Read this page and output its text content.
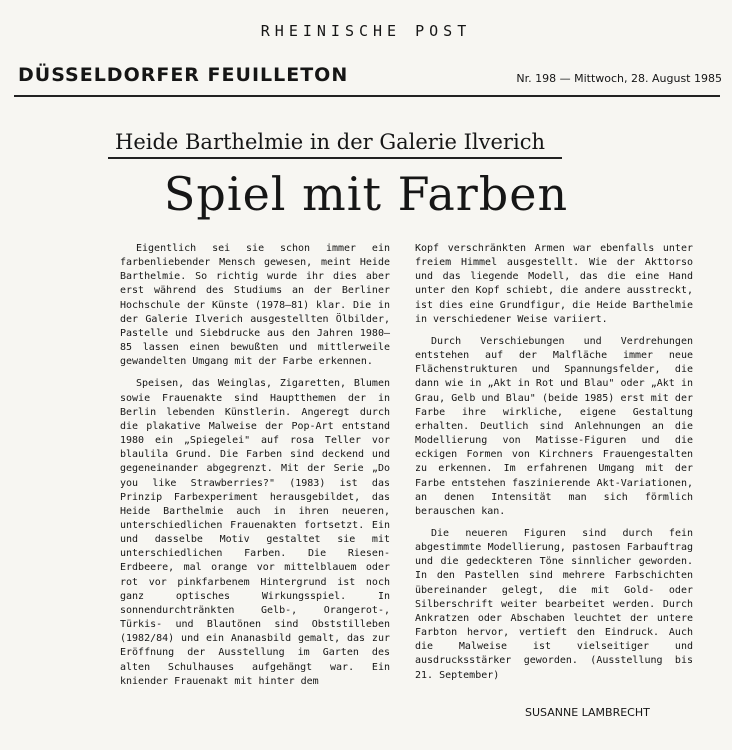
RHEINISCHE POST
DÜSSELDORFER FEUILLETON	Nr. 198 — Mittwoch, 28. August 1985
Heide Barthelmie in der Galerie Ilverich
Spiel mit Farben

Eigentlich sei sie schon immer ein farbenliebender Mensch gewesen, meint Heide Barthelmie. So richtig wurde ihr dies aber erst während des Studiums an der Berliner Hochschule der Künste (1978—81) klar. Die in der Galerie Ilverich ausgestellten Ölbilder, Pastelle und Siebdrucke aus den Jahren 1980—85 lassen einen bewußten und mittlerweile gewandelten Umgang mit der Farbe erkennen.

Speisen, das Weinglas, Zigaretten, Blumen sowie Frauenakte sind Hauptthemen der in Berlin lebenden Künstlerin. Angeregt durch die plakative Malweise der Pop-Art entstand 1980 ein „Spiegelei" auf rosa Teller vor blaulila Grund. Die Farben sind deckend und gegeneinander abgegrenzt. Mit der Serie „Do you like Strawberries?" (1983) ist das Prinzip Farbexperiment herausgebildet, das Heide Barthelmie auch in ihren neueren, unterschiedlichen Frauenakten fortsetzt. Ein und dasselbe Motiv gestaltet sie mit unterschiedlichen Farben. Die Riesen-Erdbeere, mal orange vor mittelblauem oder rot vor pinkfarbenem Hintergrund ist noch ganz optisches Wirkungsspiel. In sonnendurchtränkten Gelb-, Orangerot-, Türkis- und Blautönen sind Obststilleben (1982/84) und ein Ananasbild gemalt, das zur Eröffnung der Ausstellung im Garten des alten Schulhauses aufgehängt war. Ein kniender Frauenakt mit hinter dem

Kopf verschränkten Armen war ebenfalls unter freiem Himmel ausgestellt. Wie der Akttorso und das liegende Modell, das die eine Hand unter den Kopf schiebt, die andere ausstreckt, ist dies eine Grundfigur, die Heide Barthelmie in verschiedener Weise variiert.

Durch Verschiebungen und Verdrehungen entstehen auf der Malfläche immer neue Flächenstrukturen und Spannungsfelder, die dann wie in „Akt in Rot und Blau" oder „Akt in Grau, Gelb und Blau" (beide 1985) erst mit der Farbe ihre wirkliche, eigene Gestaltung erhalten. Deutlich sind Anlehnungen an die Modellierung von Matisse-Figuren und die eckigen Formen von Kirchners Frauengestalten zu erkennen. Im erfahrenen Umgang mit der Farbe entstehen faszinierende Akt-Variationen, an denen Intensität man sich förmlich berauschen kan.

Die neueren Figuren sind durch fein abgestimmte Modellierung, pastosen Farbauftrag und die gedeckteren Töne sinnlicher geworden. In den Pastellen sind mehrere Farbschichten übereinander gelegt, die mit Gold- oder Silberschrift weiter bearbeitet werden. Durch Ankratzen oder Abschaben leuchtet der untere Farbton hervor, vertieft den Eindruck. Auch die Malweise ist vielseitiger und ausdrucksstärker geworden. (Ausstellung bis 21. September)

SUSANNE LAMBRECHT
